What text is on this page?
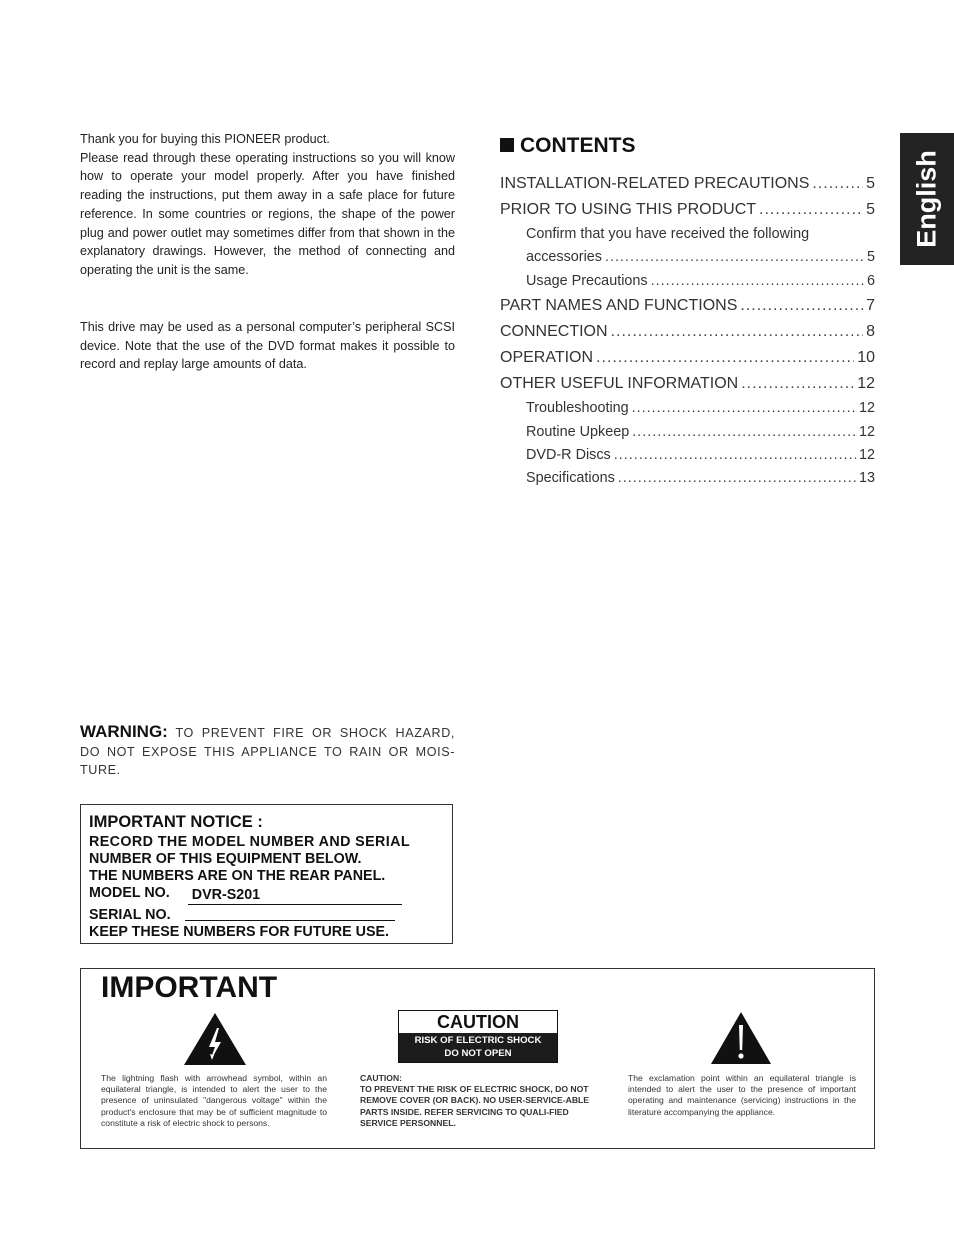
Thank you for buying this PIONEER product.

Please read through these operating instructions so you will know how to operate your model properly. After you have finished reading the instructions, put them away in a safe place for future reference. In some countries or regions, the shape of the power plug and power outlet may sometimes differ from that shown in the explanatory drawings. However, the method of connecting and operating the unit is the same.

This drive may be used as a personal computer’s peripheral SCSI device. Note that the use of the DVD format makes it possible to record and replay large amounts of data.

CONTENTS
INSTALLATION-RELATED PRECAUTIONS .....	5
PRIOR TO USING THIS PRODUCT .....	5
Confirm that you have received the following
accessories .....	5
Usage Precautions .....	6
PART NAMES AND FUNCTIONS .....	7
CONNECTION .....	8
OPERATION .....	10
OTHER USEFUL INFORMATION .....	12
Troubleshooting .....	12
Routine Upkeep .....	12
DVD-R Discs .....	12
Specifications .....	13
English
WARNING: TO PREVENT FIRE OR SHOCK HAZARD, DO NOT EXPOSE THIS APPLIANCE TO RAIN OR MOIS-TURE.
IMPORTANT NOTICE :
RECORD THE MODEL NUMBER AND SERIAL
NUMBER OF THIS EQUIPMENT BELOW.
THE NUMBERS ARE ON THE REAR PANEL.
MODEL NO. DVR-S201
SERIAL NO.
KEEP THESE NUMBERS FOR FUTURE USE.
IMPORTANT
CAUTION
RISK OF ELECTRIC SHOCK
DO NOT OPEN
The lightning flash with arrowhead symbol, within an equilateral triangle, is intended to alert the user to the presence of uninsulated "dangerous voltage" within the product's enclosure that may be of sufficient magnitude to constitute a risk of electric shock to persons.
CAUTION:
TO PREVENT THE RISK OF ELECTRIC SHOCK, DO NOT REMOVE COVER (OR BACK). NO USER-SERVICE-ABLE PARTS INSIDE. REFER SERVICING TO QUALI-FIED SERVICE PERSONNEL.
The exclamation point within an equilateral triangle is intended to alert the user to the presence of important operating and maintenance (servicing) instructions in the literature accompanying the appliance.
